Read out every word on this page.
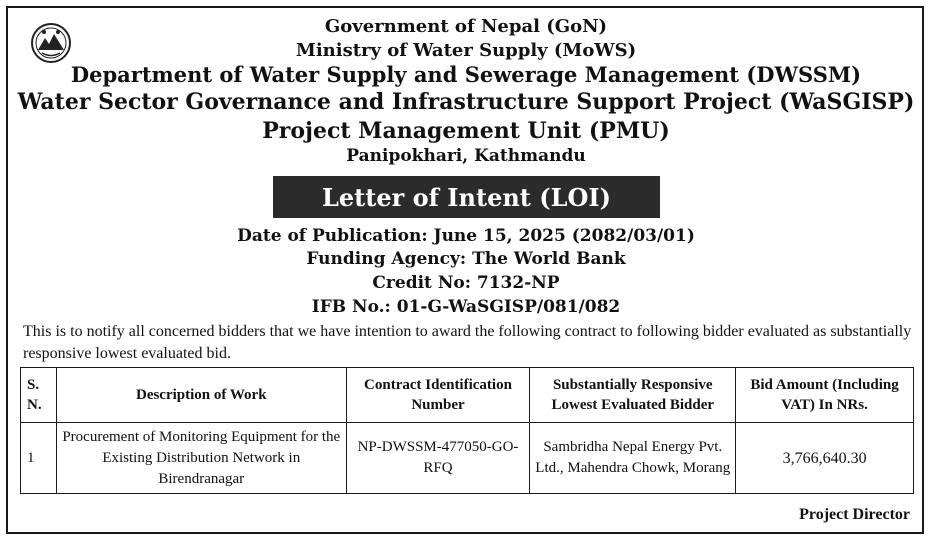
Government of Nepal (GoN)
Ministry of Water Supply (MoWS)
Department of Water Supply and Sewerage Management (DWSSM)
Water Sector Governance and Infrastructure Support Project (WaSGISP)
Project Management Unit (PMU)
Panipokhari, Kathmandu
Letter of Intent (LOI)
Date of Publication: June 15, 2025 (2082/03/01)
Funding Agency: The World Bank
Credit No: 7132-NP
IFB No.: 01-G-WaSGISP/081/082
This is to notify all concerned bidders that we have intention to award the following contract to following bidder evaluated as substantially responsive lowest evaluated bid.
S. N.	Description of Work	Contract Identification Number	Substantially Responsive Lowest Evaluated Bidder	Bid Amount (Including VAT) In NRs.
1	Procurement of Monitoring Equipment for the Existing Distribution Network in Birendranagar	NP-DWSSM-477050-GO-RFQ	Sambridha Nepal Energy Pvt. Ltd., Mahendra Chowk, Morang	3,766,640.30
Project Director
